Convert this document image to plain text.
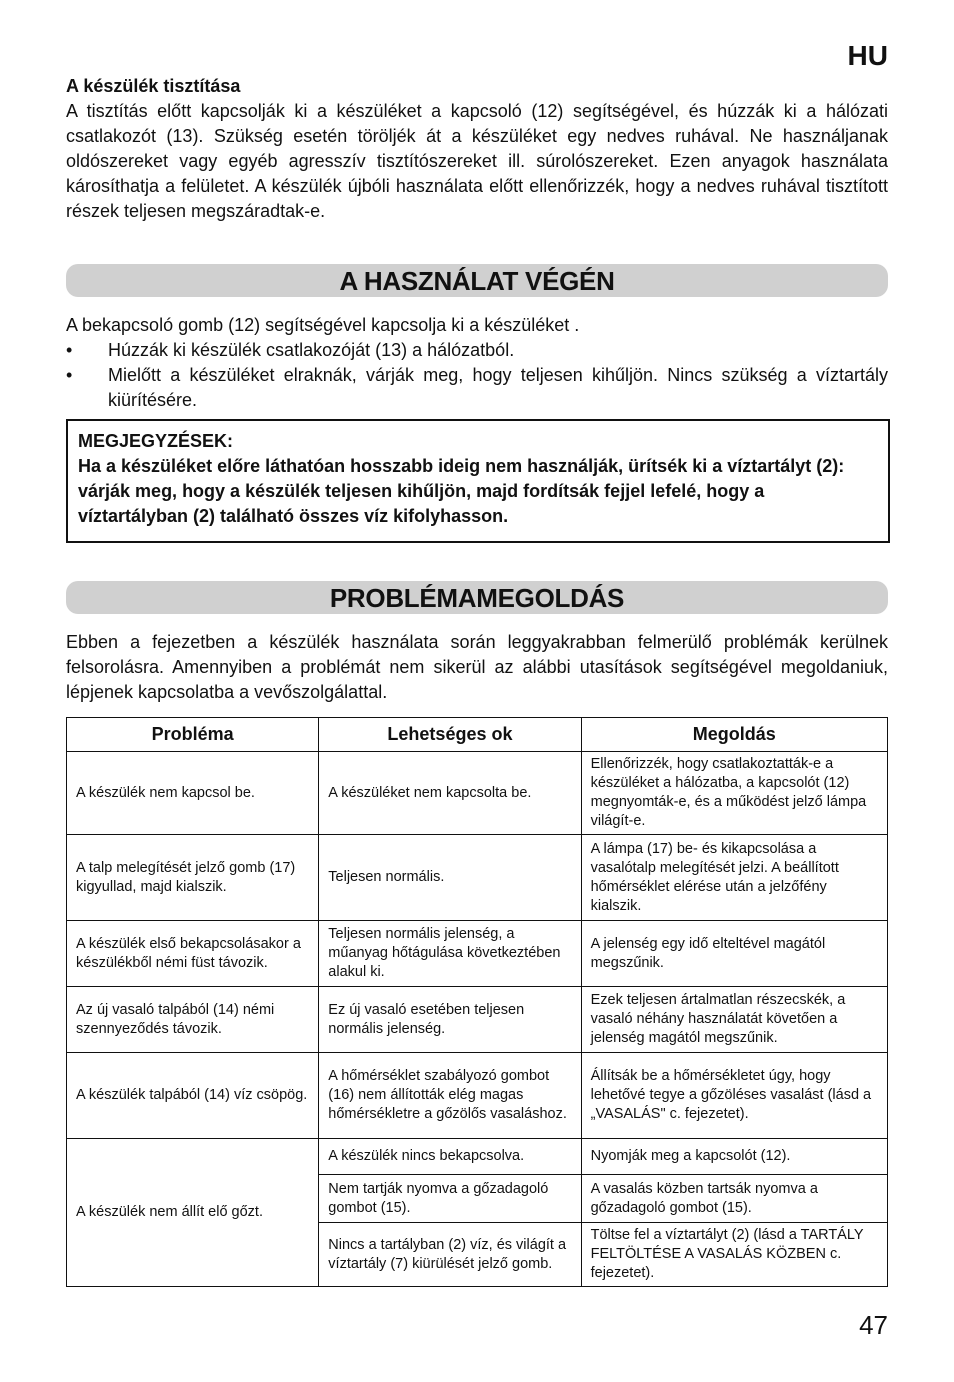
HU
A készülék tisztítása

A tisztítás előtt kapcsolják ki a készüléket a kapcsoló (12) segítségével, és húzzák ki a hálózati csatlakozót (13). Szükség esetén töröljék át a készüléket egy nedves ruhával. Ne használjanak oldószereket vagy egyéb agresszív tisztítószereket ill. súrolószereket. Ezen anyagok használata károsíthatja a felületet. A készülék újbóli használata előtt ellenőrizzék, hogy a nedves ruhával tisztított részek teljesen megszáradtak-e.

A HASZNÁLAT VÉGÉN

A bekapcsoló gomb (12) segítségével kapcsolja ki a készüléket .

• Húzzák ki készülék csatlakozóját (13) a hálózatból.
• Mielőtt a készüléket elraknák, várják meg, hogy teljesen kihűljön. Nincs szükség a víztartály kiürítésére.
MEGJEGYZÉSEK:
Ha a készüléket előre láthatóan hosszabb ideig nem használják, ürítsék ki a víztartályt (2): várják meg, hogy a készülék teljesen kihűljön, majd fordítsák fejjel lefelé, hogy a víztartályban (2) található összes víz kifolyhasson.
PROBLÉMAMEGOLDÁS

Ebben a fejezetben a készülék használata során leggyakrabban felmerülő problémák kerülnek felsorolásra. Amennyiben a problémát nem sikerül az alábbi utasítások segítségével megoldaniuk, lépjenek kapcsolatba a vevőszolgálattal.

Probléma	Lehetséges ok	Megoldás
A készülék nem kapcsol be.	A készüléket nem kapcsolta be.	Ellenőrizzék, hogy csatlakoztatták-e a készüléket a hálózatba, a kapcsolót (12) megnyomták-e, és a működést jelző lámpa világít-e.
A talp melegítését jelző gomb (17) kigyullad, majd kialszik.	Teljesen normális.	A lámpa (17) be- és kikapcsolása a vasalótalp melegítését jelzi. A beállított hőmérséklet elérése után a jelzőfény kialszik.
A készülék első bekapcsolásakor a készülékből némi füst távozik.	Teljesen normális jelenség, a műanyag hőtágulása következtében alakul ki.	A jelenség egy idő elteltével magától megszűnik.
Az új vasaló talpából (14) némi szennyeződés távozik.	Ez új vasaló esetében teljesen normális jelenség.	Ezek teljesen ártalmatlan részecskék, a vasaló néhány használatát követően a jelenség magától megszűnik.
A készülék talpából (14) víz csöpög.	A hőmérséklet szabályozó gombot (16) nem állították elég magas hőmérsékletre a gőzölős vasaláshoz.	Állítsák be a hőmérsékletet úgy, hogy lehetővé tegye a gőzöléses vasalást (lásd a „VASALÁS" c. fejezetet).
A készülék nem állít elő gőzt.	A készülék nincs bekapcsolva.	Nyomják meg a kapcsolót (12).
	Nem tartják nyomva a gőzadagoló gombot (15).	A vasalás közben tartsák nyomva a gőzadagoló gombot (15).
	Nincs a tartályban (2) víz, és világít a víztartály (7) kiürülését jelző gomb.	Töltse fel a víztartályt (2) (lásd a TARTÁLY FELTÖLTÉSE A VASALÁS KÖZBEN c. fejezetet).
47
